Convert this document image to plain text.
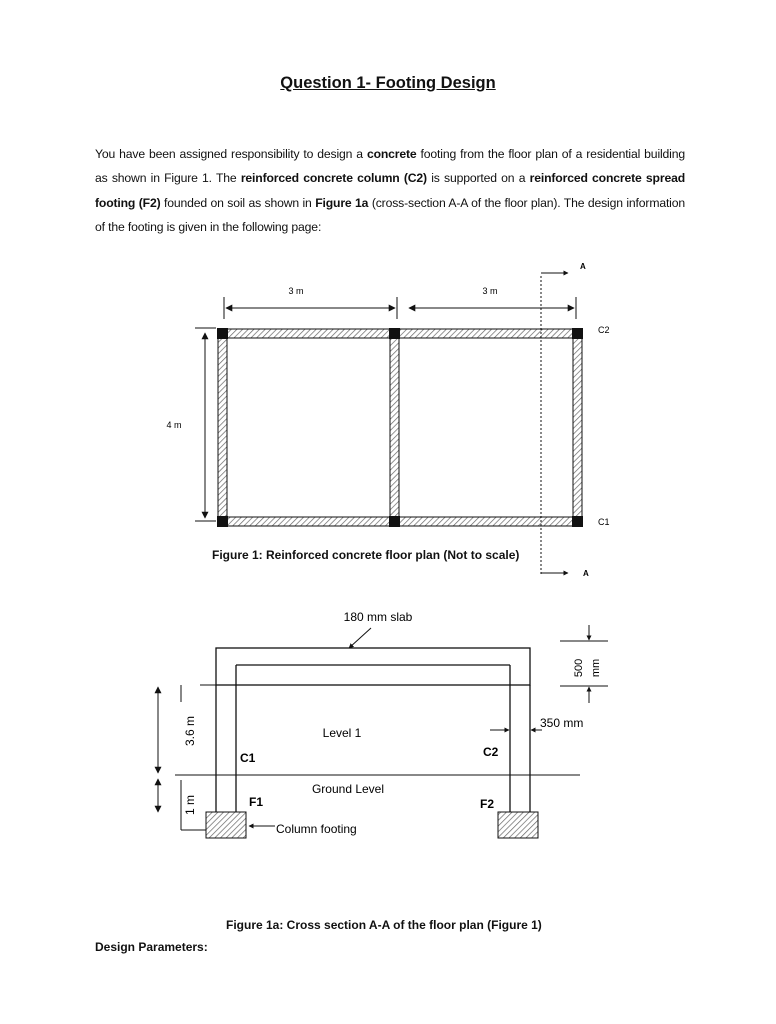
Question 1- Footing Design
You have been assigned responsibility to design a concrete footing from the floor plan of a residential building as shown in Figure 1. The reinforced concrete column (C2) is supported on a reinforced concrete spread footing (F2) founded on soil as shown in Figure 1a (cross-section A-A of the floor plan). The design information of the footing is given in the following page:
3 m	3 m
4 m
C2
C1
A
A
180 mm slab
500 mm
350 mm
Level 1
Ground Level
C1	C2
F1	F2
Column footing
3.6 m
1 m
Figure 1: Reinforced concrete floor plan (Not to scale)
Figure 1a: Cross section A-A of the floor plan (Figure 1)
Design Parameters:
